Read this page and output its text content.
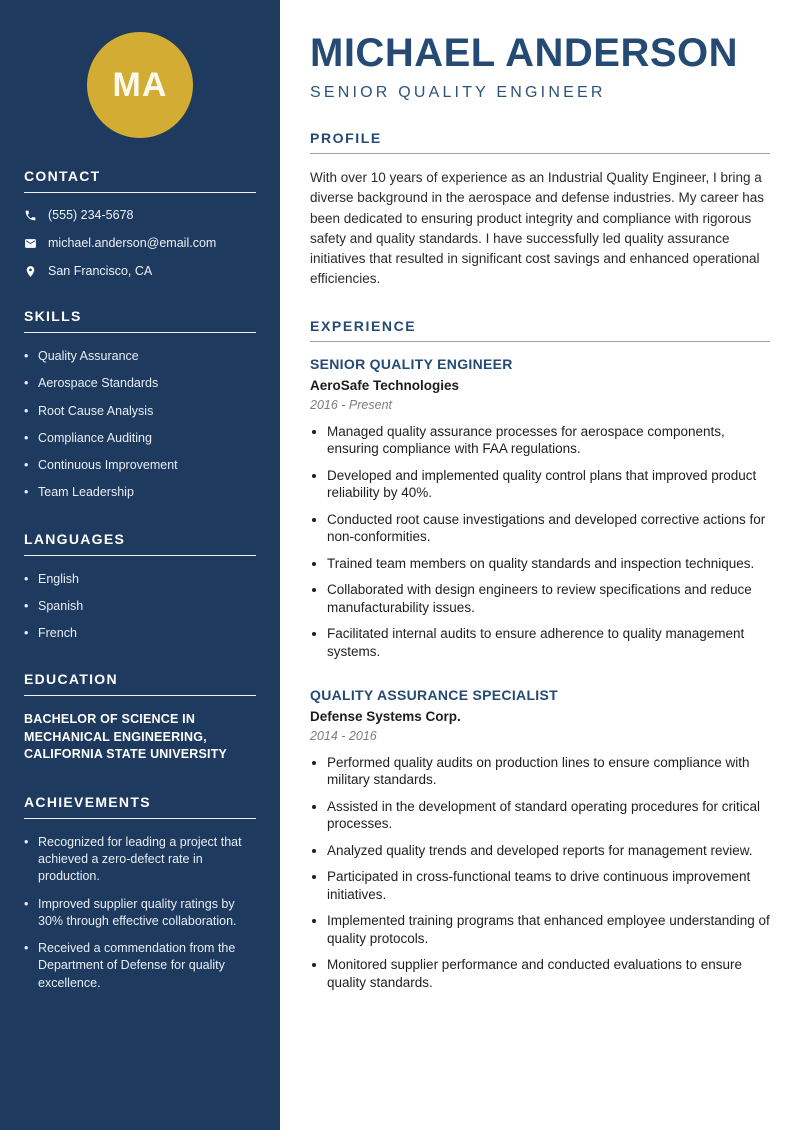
MA
CONTACT
(555) 234-5678
michael.anderson@email.com
San Francisco, CA
SKILLS
• Quality Assurance
• Aerospace Standards
• Root Cause Analysis
• Compliance Auditing
• Continuous Improvement
• Team Leadership
LANGUAGES
• English
• Spanish
• French
EDUCATION

BACHELOR OF SCIENCE IN MECHANICAL ENGINEERING, CALIFORNIA STATE UNIVERSITY

ACHIEVEMENTS
• Recognized for leading a project that achieved a zero-defect rate in production.
• Improved supplier quality ratings by 30% through effective collaboration.
• Received a commendation from the Department of Defense for quality excellence.
MICHAEL ANDERSON
SENIOR QUALITY ENGINEER
PROFILE

With over 10 years of experience as an Industrial Quality Engineer, I bring a diverse background in the aerospace and defense industries. My career has been dedicated to ensuring product integrity and compliance with rigorous safety and quality standards. I have successfully led quality assurance initiatives that resulted in significant cost savings and enhanced operational efficiencies.

EXPERIENCE
SENIOR QUALITY ENGINEER
AeroSafe Technologies
2016 - Present
• Managed quality assurance processes for aerospace components, ensuring compliance with FAA regulations.
• Developed and implemented quality control plans that improved product reliability by 40%.
• Conducted root cause investigations and developed corrective actions for non-conformities.
• Trained team members on quality standards and inspection techniques.
• Collaborated with design engineers to review specifications and reduce manufacturability issues.
• Facilitated internal audits to ensure adherence to quality management systems.
QUALITY ASSURANCE SPECIALIST
Defense Systems Corp.
2014 - 2016
• Performed quality audits on production lines to ensure compliance with military standards.
• Assisted in the development of standard operating procedures for critical processes.
• Analyzed quality trends and developed reports for management review.
• Participated in cross-functional teams to drive continuous improvement initiatives.
• Implemented training programs that enhanced employee understanding of quality protocols.
• Monitored supplier performance and conducted evaluations to ensure quality standards.
